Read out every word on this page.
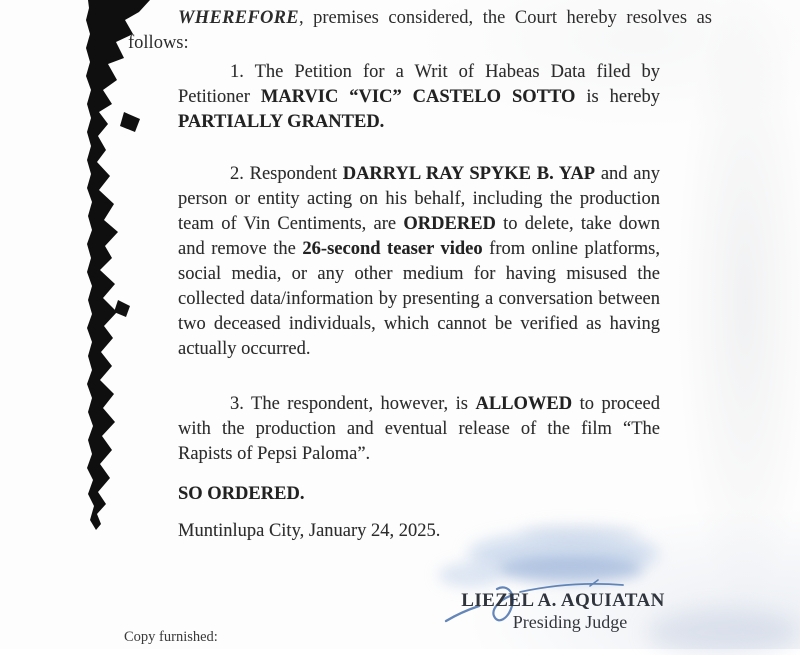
WHEREFORE, premises considered, the Court hereby resolves as follows:

1. The Petition for a Writ of Habeas Data filed by Petitioner MARVIC “VIC” CASTELO SOTTO is hereby PARTIALLY GRANTED.

2. Respondent DARRYL RAY SPYKE B. YAP and any person or entity acting on his behalf, including the production team of Vin Centiments, are ORDERED to delete, take down and remove the 26-second teaser video from online platforms, social media, or any other medium for having misused the collected data/information by presenting a conversation between two deceased individuals, which cannot be verified as having actually occurred.

3. The respondent, however, is ALLOWED to proceed with the production and eventual release of the film “The Rapists of Pepsi Paloma”.

SO ORDERED.

Muntinlupa City, January 24, 2025.

LIEZEL A. AQUIATAN
Presiding Judge

Copy furnished:
